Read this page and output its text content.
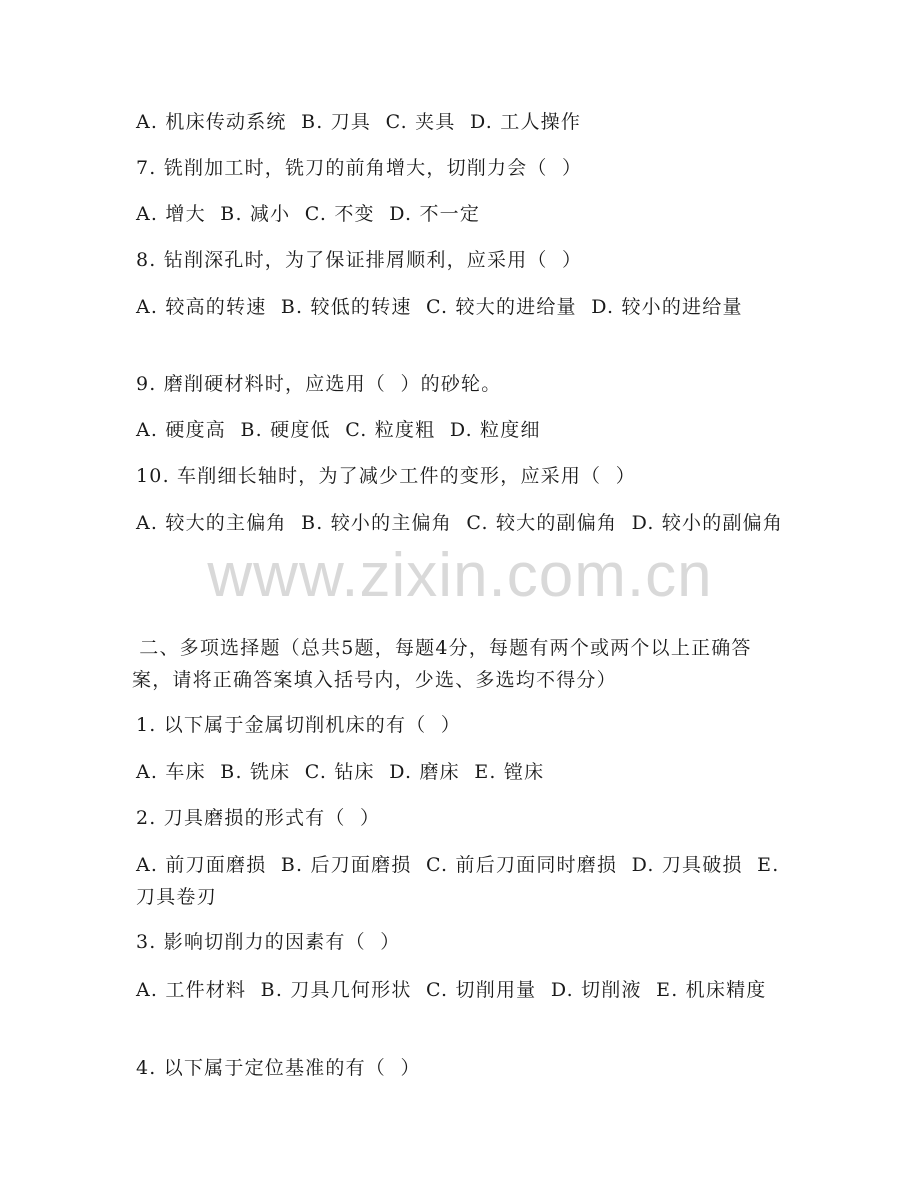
A. 机床传动系统  B. 刀具  C. 夹具  D. 工人操作
7. 铣削加工时，铣刀的前角增大，切削力会（  ）
A. 增大  B. 减小  C. 不变  D. 不一定
8. 钻削深孔时，为了保证排屑顺利，应采用（  ）
A. 较高的转速  B. 较低的转速  C. 较大的进给量  D. 较小的进给量
9. 磨削硬材料时，应选用（  ）的砂轮。
A. 硬度高  B. 硬度低  C. 粒度粗  D. 粒度细
10. 车削细长轴时，为了减少工件的变形，应采用（  ）
A. 较大的主偏角  B. 较小的主偏角  C. 较大的副偏角  D. 较小的副偏角
www.zixin.com.cn
二、多项选择题（总共5题，每题4分，每题有两个或两个以上正确答案，请将正确答案填入括号内，少选、多选均不得分）
1. 以下属于金属切削机床的有（  ）
A. 车床  B. 铣床  C. 钻床  D. 磨床  E. 镗床
2. 刀具磨损的形式有（  ）
A. 前刀面磨损  B. 后刀面磨损  C. 前后刀面同时磨损  D. 刀具破损  E. 刀具卷刃
3. 影响切削力的因素有（  ）
A. 工件材料  B. 刀具几何形状  C. 切削用量  D. 切削液  E. 机床精度
4. 以下属于定位基准的有（  ）
